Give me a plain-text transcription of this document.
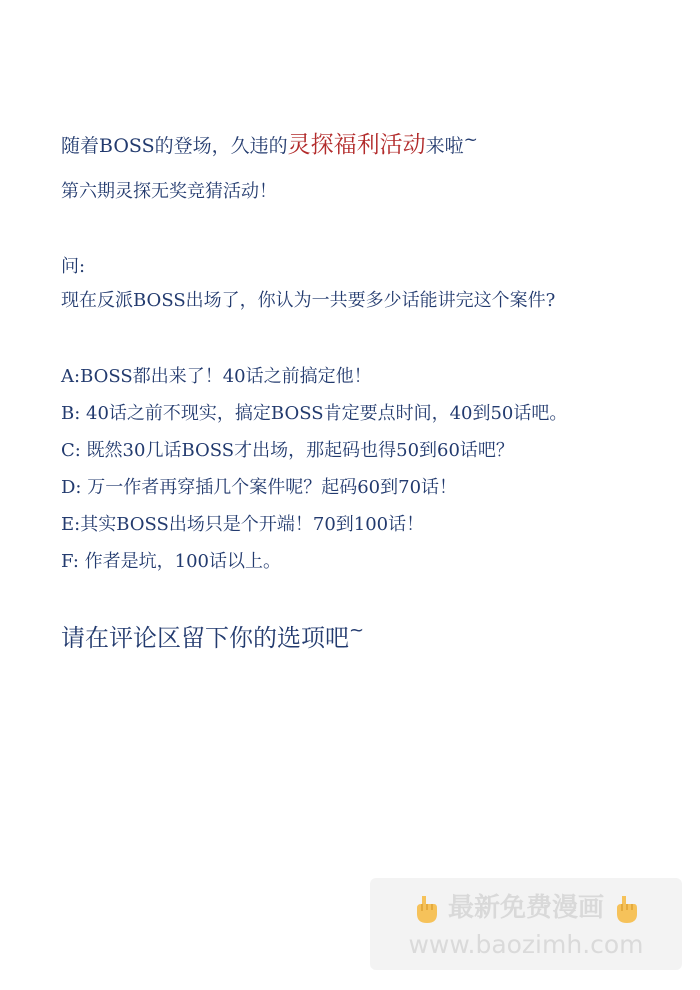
随着BOSS的登场，久违的灵探福利活动来啦~
第六期灵探无奖竞猜活动！
问:
现在反派BOSS出场了，你认为一共要多少话能讲完这个案件?
A:BOSS都出来了！40话之前搞定他！
B: 40话之前不现实，搞定BOSS肯定要点时间，40到50话吧。
C: 既然30几话BOSS才出场，那起码也得50到60话吧？
D: 万一作者再穿插几个案件呢？起码60到70话！
E:其实BOSS出场只是个开端！70到100话！
F: 作者是坑，100话以上。
请在评论区留下你的选项吧~
最新免费漫画
www.baozimh.com
